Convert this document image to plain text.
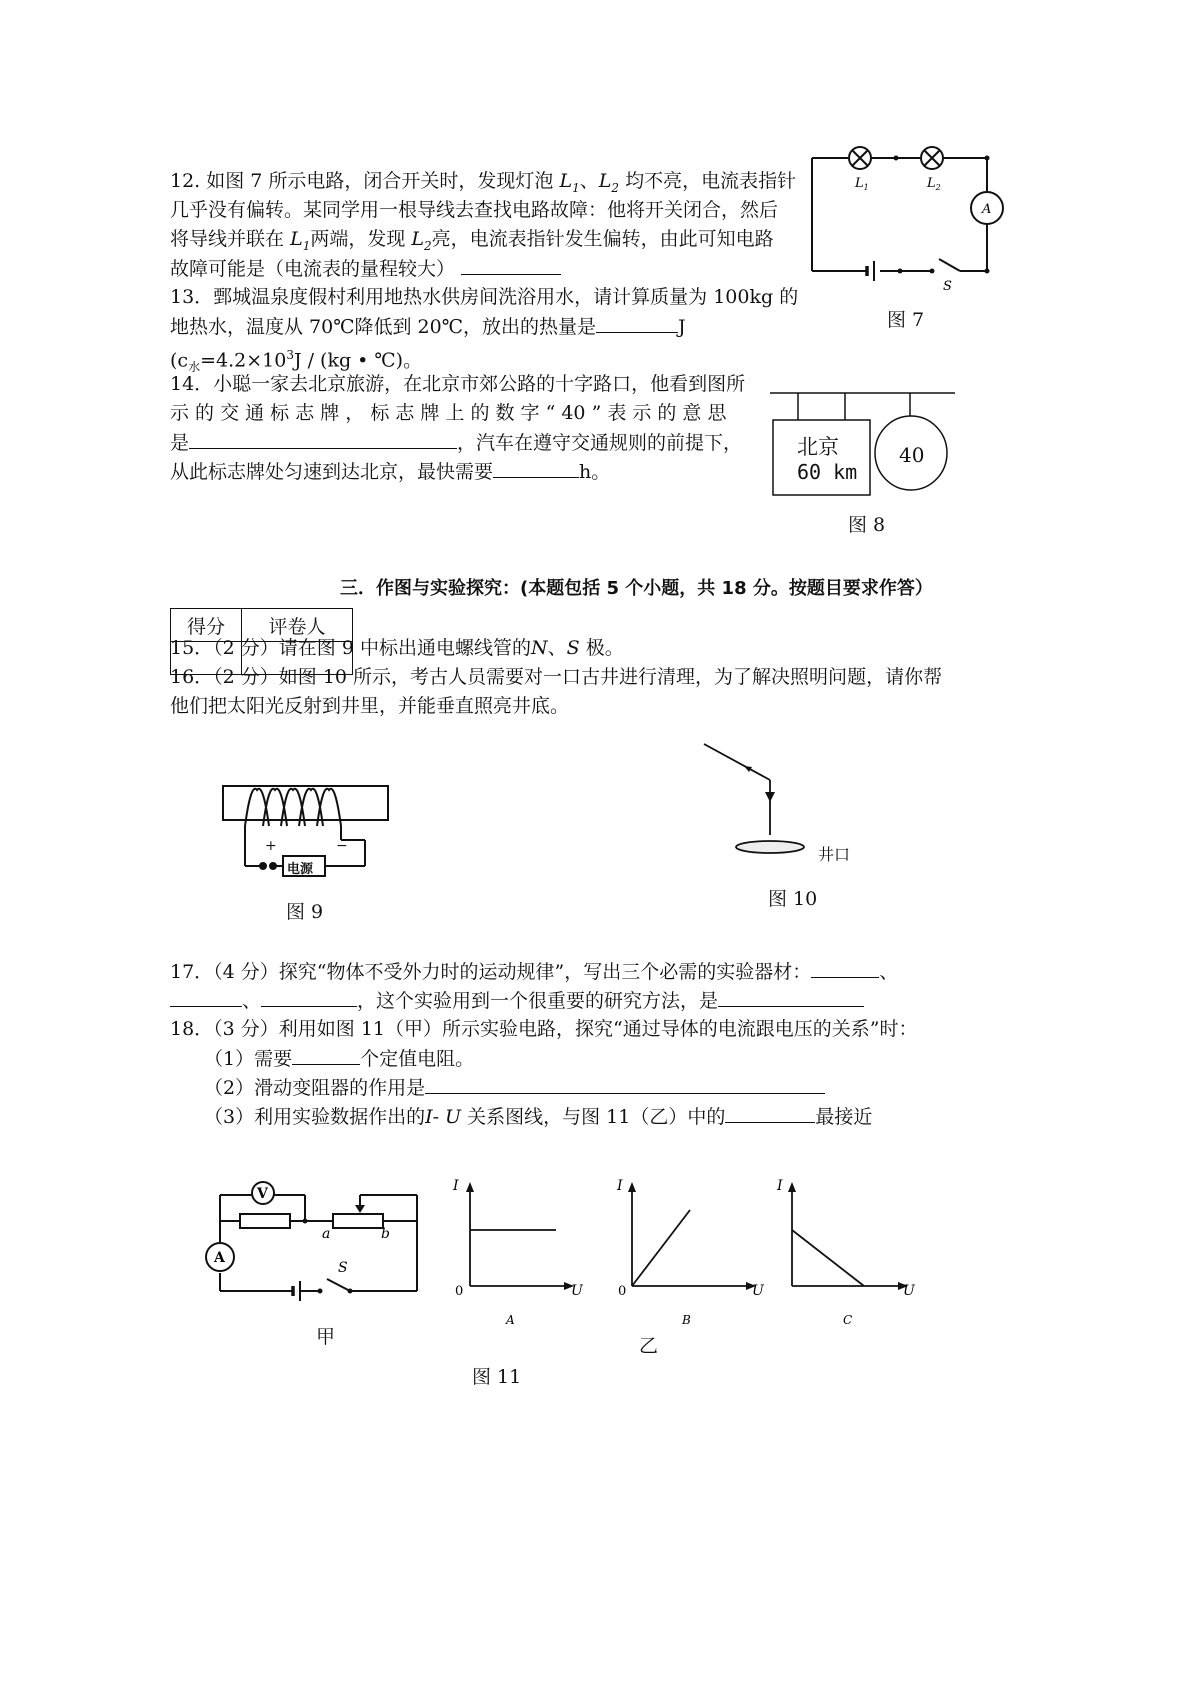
12. 如图 7 所示电路，闭合开关时，发现灯泡 $L_1$、$L_2$ 均不亮，电流表指针
几乎没有偏转。某同学用一根导线去查找电路故障：他将开关闭合，然后
将导线并联在 $L_1$两端，发现 $L_2$亮，电流表指针发生偏转，由此可知电路
故障可能是（电流表的量程较大）
$L_1$	$L_2$
A
S
图 7
13．鄄城温泉度假村利用地热水供房间洗浴用水，请计算质量为 100kg 的
地热水，温度从 70℃降低到 20℃，放出的热量是	J
($c_水=4.2\times 10^3J / (kg$ • ℃)。
14．小聪一家去北京旅游，在北京市郊公路的十字路口，他看到图所
示 的 交 通 标 志 牌 ， 标 志 牌 上 的 数 字 “ 40 ” 表 示 的 意 思
是	，汽车在遵守交通规则的前提下，
从此标志牌处匀速到达北京，最快需要	h。
北京
60 km
40
图 8
得分	评卷人

三．作图与实验探究：(本题包括 5 个小题，共 18 分。按题目要求作答）
15．（2 分）请在图 9 中标出通电螺线管的N、S 极。
16．（2 分）如图 10 所示，考古人员需要对一口古井进行清理，为了解决照明问题，请你帮
他们把太阳光反射到井里，并能垂直照亮井底。
电源
+	−
图 9
井口
图 10
17．（4 分）探究“物体不受外力时的运动规律”，写出三个必需的实验器材：	、
、	，这个实验用到一个很重要的研究方法，是
18．（3 分）利用如图 11（甲）所示实验电路，探究“通过导体的电流跟电压的关系”时：
（1）需要	个定值电阻。
（2）滑动变阻器的作用是
（3）利用实验数据作出的I- U 关系图线，与图 11（乙）中的	最接近
V
A
a	b
S
甲
I
0	U
A
I
0	U
B
I
U
C
乙
图 11
